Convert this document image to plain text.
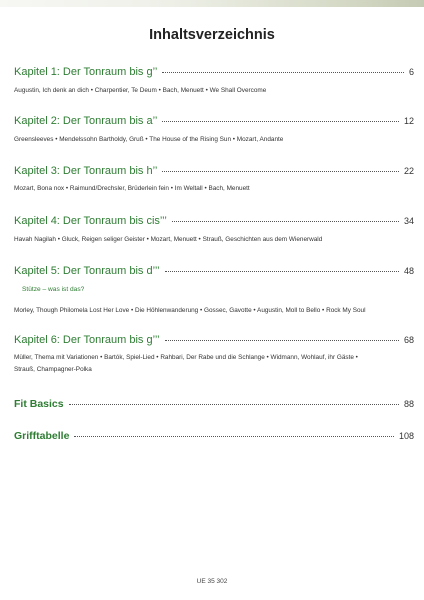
Inhaltsverzeichnis
Kapitel 1: Der Tonraum bis g’’	6
Augustin, Ich denk an dich • Charpentier, Te Deum • Bach, Menuett • We Shall Overcome
Kapitel 2: Der Tonraum bis a’’	12
Greensleeves • Mendelssohn Bartholdy, Gruß • The House of the Rising Sun • Mozart, Andante
Kapitel 3: Der Tonraum bis h’’	22
Mozart, Bona nox • Raimund/Drechsler, Brüderlein fein • Im Weltall • Bach, Menuett
Kapitel 4: Der Tonraum bis cis’’’	34
Havah Nagilah • Gluck, Reigen seliger Geister • Mozart, Menuett • Strauß, Geschichten aus dem Wienerwald
Kapitel 5: Der Tonraum bis d’’’	48
Stütze – was ist das?
Morley, Though Philomela Lost Her Love • Die Höhlenwanderung • Gossec, Gavotte • Augustin, Moll to Bello • Rock My Soul
Kapitel 6: Der Tonraum bis g’’’	68
Müller, Thema mit Variationen • Bartók, Spiel-Lied • Rahbari, Der Rabe und die Schlange • Widmann, Wohlauf, ihr Gäste •
Strauß, Champagner-Polka
Fit Basics	88
Grifftabelle	108
UE 35 302
